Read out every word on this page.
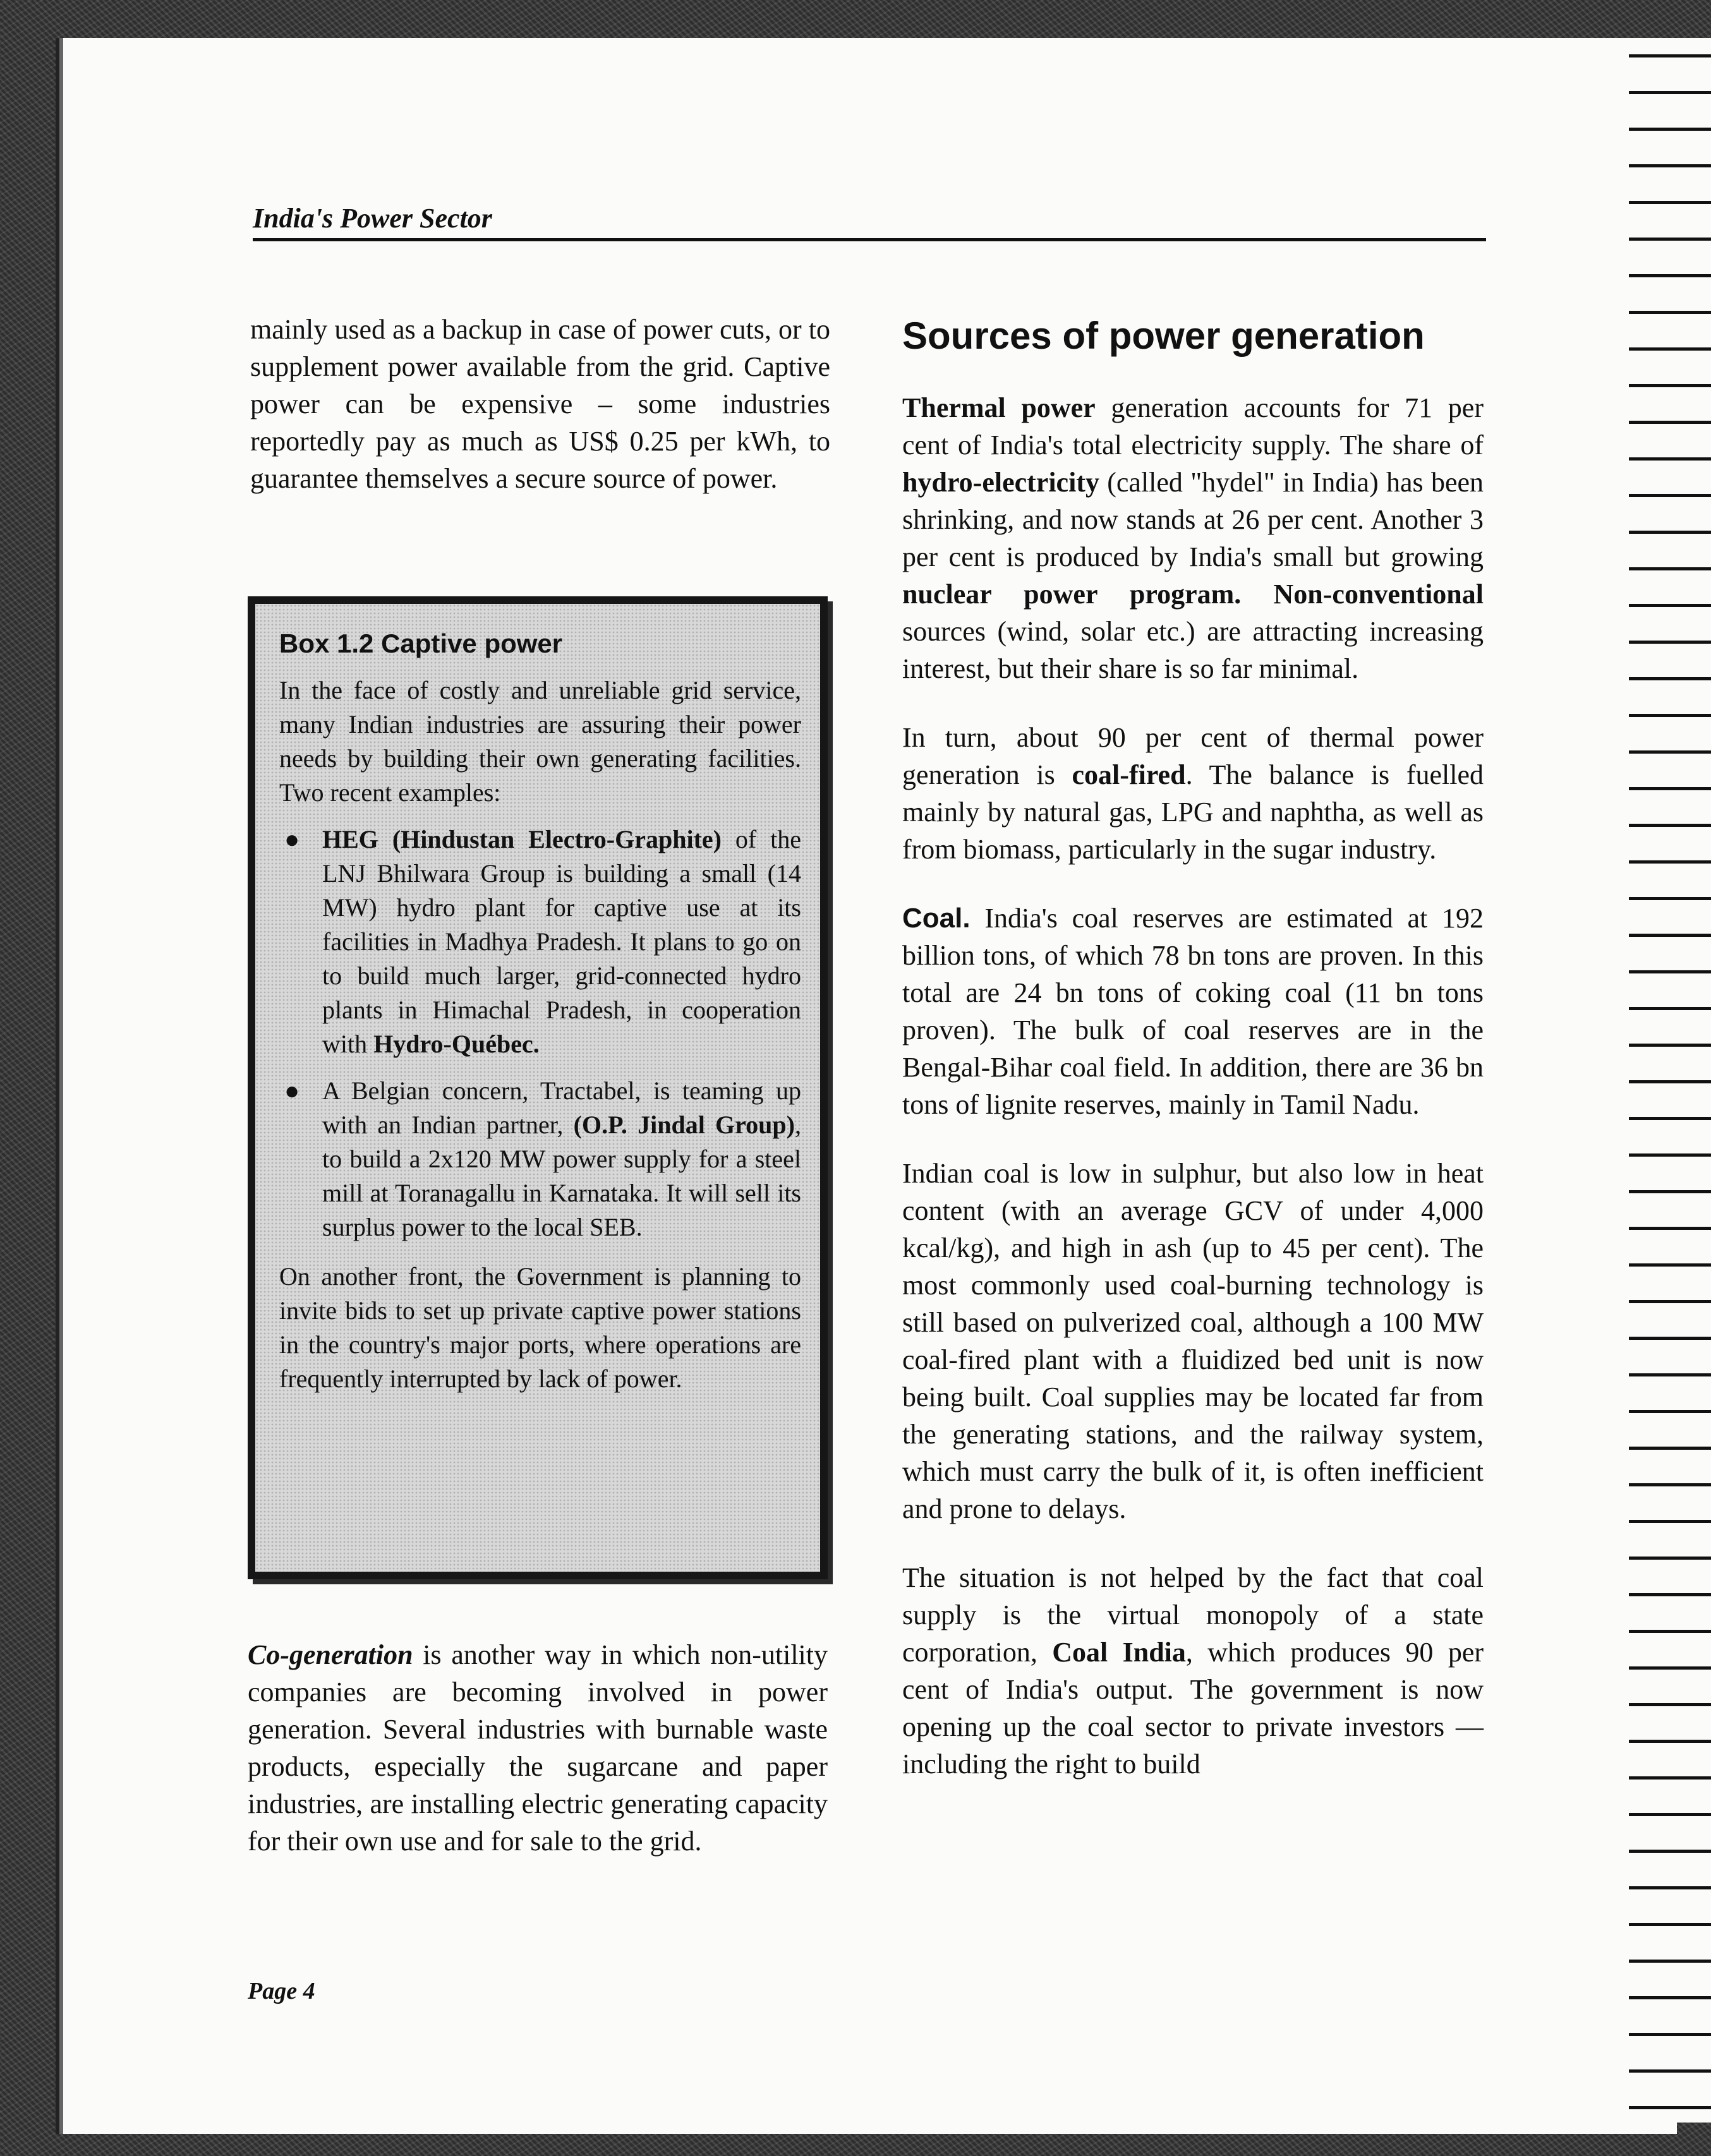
India's Power Sector

mainly used as a backup in case of power cuts, or to supplement power available from the grid. Captive power can be expensive – some industries reportedly pay as much as US$ 0.25 per kWh, to guarantee themselves a secure source of power.

Box 1.2 Captive power

In the face of costly and unreliable grid service, many Indian industries are assuring their power needs by building their own generating facilities. Two recent examples:

● HEG (Hindustan Electro-Graphite) of the LNJ Bhilwara Group is building a small (14 MW) hydro plant for captive use at its facilities in Madhya Pradesh. It plans to go on to build much larger, grid-connected hydro plants in Himachal Pradesh, in cooperation with Hydro-Québec.
● A Belgian concern, Tractabel, is teaming up with an Indian partner, (O.P. Jindal Group), to build a 2x120 MW power supply for a steel mill at Toranagallu in Karnataka. It will sell its surplus power to the local SEB.

On another front, the Government is planning to invite bids to set up private captive power stations in the country's major ports, where operations are frequently interrupted by lack of power.

Co-generation is another way in which non-utility companies are becoming involved in power generation. Several industries with burnable waste products, especially the sugarcane and paper industries, are installing electric generating capacity for their own use and for sale to the grid.

Sources of power generation

Thermal power generation accounts for 71 per cent of India's total electricity supply. The share of hydro-electricity (called "hydel" in India) has been shrinking, and now stands at 26 per cent. Another 3 per cent is produced by India's small but growing nuclear power program. Non-conventional sources (wind, solar etc.) are attracting increasing interest, but their share is so far minimal.

In turn, about 90 per cent of thermal power generation is coal-fired. The balance is fuelled mainly by natural gas, LPG and naphtha, as well as from biomass, particularly in the sugar industry.

Coal. India's coal reserves are estimated at 192 billion tons, of which 78 bn tons are proven. In this total are 24 bn tons of coking coal (11 bn tons proven). The bulk of coal reserves are in the Bengal-Bihar coal field. In addition, there are 36 bn tons of lignite reserves, mainly in Tamil Nadu.

Indian coal is low in sulphur, but also low in heat content (with an average GCV of under 4,000 kcal/kg), and high in ash (up to 45 per cent). The most commonly used coal-burning technology is still based on pulverized coal, although a 100 MW coal-fired plant with a fluidized bed unit is now being built. Coal supplies may be located far from the generating stations, and the railway system, which must carry the bulk of it, is often inefficient and prone to delays.

The situation is not helped by the fact that coal supply is the virtual monopoly of a state corporation, Coal India, which produces 90 per cent of India's output. The government is now opening up the coal sector to private investors — including the right to build

Page 4
